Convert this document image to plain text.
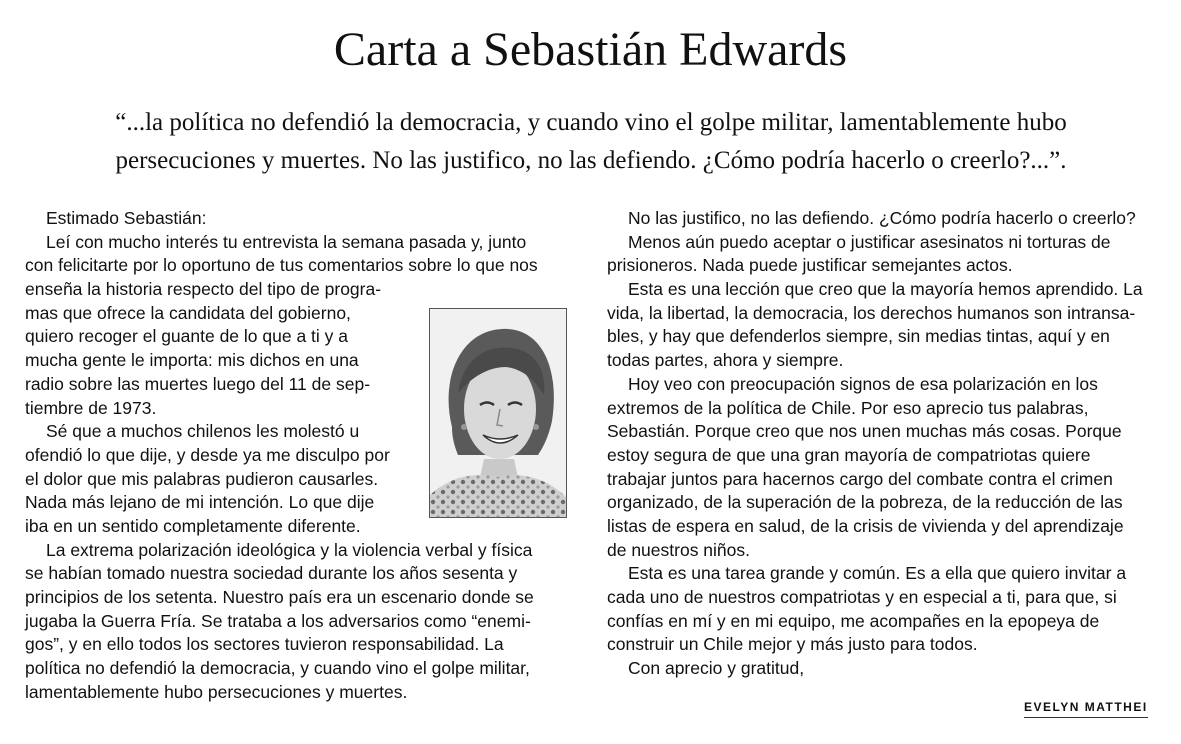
Carta a Sebastián Edwards
“...la política no defendió la democracia, y cuando vino el golpe militar, lamentablemente hubo
persecuciones y muertes. No las justifico, no las defiendo. ¿Cómo podría hacerlo o creerlo?...”.
Estimado Sebastián:
Leí con mucho interés tu entrevista la semana pasada y, junto
con felicitarte por lo oportuno de tus comentarios sobre lo que nos
enseña la historia respecto del tipo de progra-
mas que ofrece la candidata del gobierno,
quiero recoger el guante de lo que a ti y a
mucha gente le importa: mis dichos en una
radio sobre las muertes luego del 11 de sep-
tiembre de 1973.
Sé que a muchos chilenos les molestó u
ofendió lo que dije, y desde ya me disculpo por
el dolor que mis palabras pudieron causarles.
Nada más lejano de mi intención. Lo que dije
iba en un sentido completamente diferente.
La extrema polarización ideológica y la violencia verbal y física
se habían tomado nuestra sociedad durante los años sesenta y
principios de los setenta. Nuestro país era un escenario donde se
jugaba la Guerra Fría. Se trataba a los adversarios como “enemi-
gos”, y en ello todos los sectores tuvieron responsabilidad. La
política no defendió la democracia, y cuando vino el golpe militar,
lamentablemente hubo persecuciones y muertes.
No las justifico, no las defiendo. ¿Cómo podría hacerlo o creerlo?
Menos aún puedo aceptar o justificar asesinatos ni torturas de
prisioneros. Nada puede justificar semejantes actos.
Esta es una lección que creo que la mayoría hemos aprendido. La
vida, la libertad, la democracia, los derechos humanos son intransa-
bles, y hay que defenderlos siempre, sin medias tintas, aquí y en
todas partes, ahora y siempre.
Hoy veo con preocupación signos de esa polarización en los
extremos de la política de Chile. Por eso aprecio tus palabras,
Sebastián. Porque creo que nos unen muchas más cosas. Porque
estoy segura de que una gran mayoría de compatriotas quiere
trabajar juntos para hacernos cargo del combate contra el crimen
organizado, de la superación de la pobreza, de la reducción de las
listas de espera en salud, de la crisis de vivienda y del aprendizaje
de nuestros niños.
Esta es una tarea grande y común. Es a ella que quiero invitar a
cada uno de nuestros compatriotas y en especial a ti, para que, si
confías en mí y en mi equipo, me acompañes en la epopeya de
construir un Chile mejor y más justo para todos.
Con aprecio y gratitud,
EVELYN MATTHEI
